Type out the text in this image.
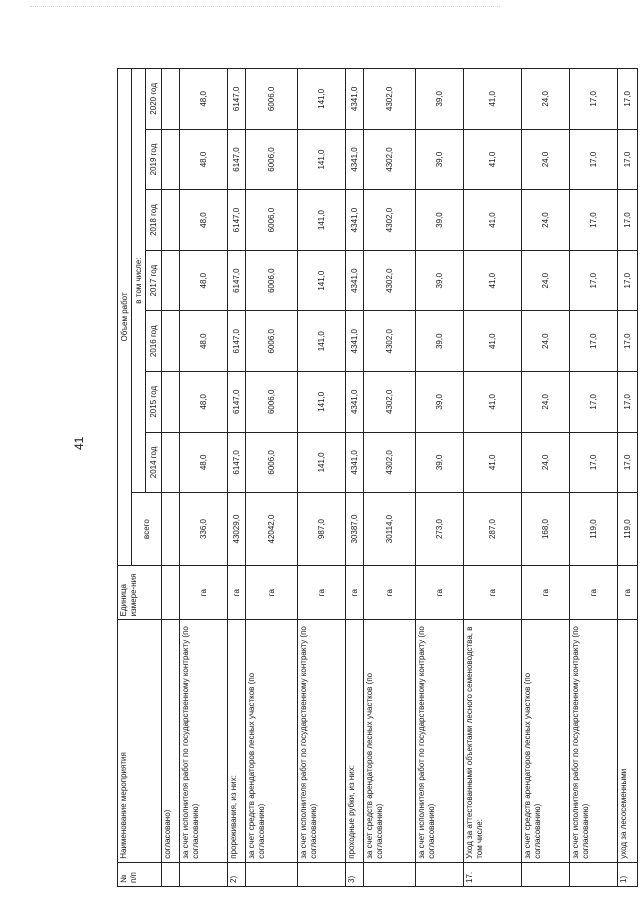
41
№ п/п	Наименование мероприятия	Единица измере-ния	Объем работ							
			всего	в том числе:						
				2014 год	2015 год	2016 год	2017 год	2018 год	2019 год	2020 год
	согласовано)									
	за счет исполнителя работ по государственному контракту (по согласованию)	га	336,0	48,0	48,0	48,0	48,0	48,0	48,0	48,0
2)	прореживания, из них:	га	43029,0	6147,0	6147,0	6147,0	6147,0	6147,0	6147,0	6147,0
	за счет средств арендаторов лесных участков (по согласованию)	га	42042,0	6006,0	6006,0	6006,0	6006,0	6006,0	6006,0	6006,0
	за счет исполнителя работ по государственному контракту (по согласованию)	га	987,0	141,0	141,0	141,0	141,0	141,0	141,0	141,0
3)	проходные рубки, из них:	га	30387,0	4341,0	4341,0	4341,0	4341,0	4341,0	4341,0	4341,0
	за счет средств арендаторов лесных участков (по согласованию)	га	30114,0	4302,0	4302,0	4302,0	4302,0	4302,0	4302,0	4302,0
	за счет исполнителя работ по государственному контракту (по согласованию)	га	273,0	39,0	39,0	39,0	39,0	39,0	39,0	39,0
17.	Уход за аттестованными объектами лесного семеноводства, в том числе:	га	287,0	41,0	41,0	41,0	41,0	41,0	41,0	41,0
	за счет средств арендаторов лесных участков (по согласованию)	га	168,0	24,0	24,0	24,0	24,0	24,0	24,0	24,0
	за счет исполнителя работ по государственному контракту (по согласованию)	га	119,0	17,0	17,0	17,0	17,0	17,0	17,0	17,0
1)	уход за лесосеменными	га	119,0	17,0	17,0	17,0	17,0	17,0	17,0	17,0
